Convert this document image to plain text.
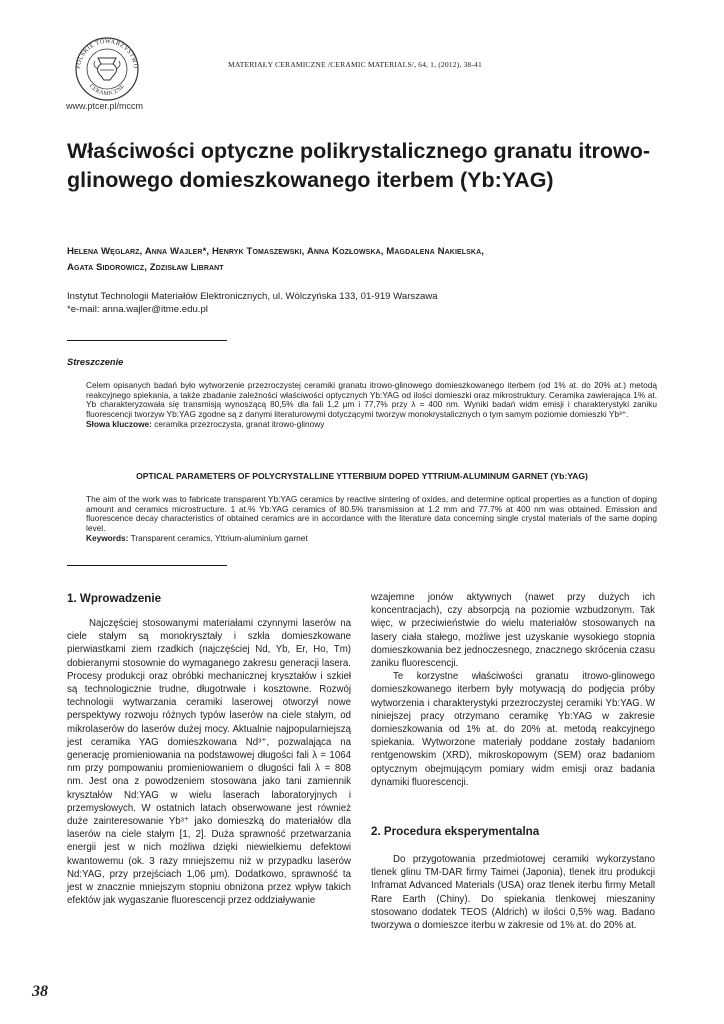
POLSKIE TOWARZYSTWO
CERAMICZNE
MATERIAŁY CERAMICZNE /CERAMIC MATERIALS/, 64, 1, (2012), 38-41
www.ptcer.pl/mccm
Właściwości optyczne polikrystalicznego granatu itrowo-glinowego domieszkowanego iterbem (Yb:YAG)
Helena Węglarz, Anna Wajler*, Henryk Tomaszewski, Anna Kozłowska, Magdalena Nakielska,
Agata Sidorowicz, Zdzisław Librant
Instytut Technologii Materiałów Elektronicznych, ul. Wólczyńska 133, 01-919 Warszawa
*e-mail: anna.wajler@itme.edu.pl
Streszczenie
Celem opisanych badań było wytworzenie przezroczystej ceramiki granatu itrowo-glinowego domieszkowanego iterbem (od 1% at. do 20% at.) metodą reakcyjnego spiekania, a także zbadanie zależności właściwości optycznych Yb:YAG od ilości domieszki oraz mikrostruktury. Ceramika zawierająca 1% at. Yb charakteryzowała się transmisją wynoszącą 80,5% dla fali 1,2 μm i 77,7% przy λ = 400 nm. Wyniki badań widm emisji i charakterystyki zaniku fluorescencji tworzyw Yb:YAG zgodne są z danymi literaturowymi dotyczącymi tworzyw monokrystalicznych o tym samym poziomie domieszki Yb³⁺.
Słowa kluczowe: ceramika przezroczysta, granat itrowo-glinowy
OPTICAL PARAMETERS OF POLYCRYSTALLINE YTTERBIUM DOPED YTTRIUM-ALUMINUM GARNET (Yb:YAG)
The aim of the work was to fabricate transparent Yb:YAG ceramics by reactive sintering of oxides, and determine optical properties as a function of doping amount and ceramics microstructure. 1 at.% Yb:YAG ceramics of 80.5% transmission at 1.2 mm and 77.7% at 400 nm was obtained. Emission and fluorescence decay characteristics of obtained ceramics are in accordance with the literature data concerning single crystal materials of the same doping level.
Keywords: Transparent ceramics, Yttrium-aluminium garnet
1. Wprowadzenie

Najczęściej stosowanymi materiałami czynnymi laserów na ciele stałym są monokryształy i szkła domieszkowane pierwiastkami ziem rzadkich (najczęściej Nd, Yb, Er, Ho, Tm) dobieranymi stosownie do wymaganego zakresu generacji lasera. Procesy produkcji oraz obróbki mechanicznej kryształów i szkieł są technologicznie trudne, długotrwałe i kosztowne. Rozwój technologii wytwarzania ceramiki laserowej otworzył nowe perspektywy rozwoju różnych typów laserów na ciele stałym, od mikrolaserów do laserów dużej mocy. Aktualnie najpopularniejszą jest ceramika YAG domieszkowana Nd³⁺, pozwalająca na generację promieniowania na podstawowej długości fali λ = 1064 nm przy pompowaniu promieniowaniem o długości fali λ = 808 nm. Jest ona z powodzeniem stosowana jako tani zamiennik kryształów Nd:YAG w wielu laserach laboratoryjnych i przemysłowych. W ostatnich latach obserwowane jest również duże zainteresowanie Yb³⁺ jako domieszką do materiałów dla laserów na ciele stałym [1, 2]. Duża sprawność przetwarzania energii jest w nich możliwa dzięki niewielkiemu defektowi kwantowemu (ok. 3 razy mniejszemu niż w przypadku laserów Nd:YAG, przy przejściach 1,06 μm). Dodatkowo, sprawność ta jest w znacznie mniejszym stopniu obniżona przez wpływ takich efektów jak wygaszanie fluorescencji przez oddziaływanie

wzajemne jonów aktywnych (nawet przy dużych ich koncentracjach), czy absorpcją na poziomie wzbudzonym. Tak więc, w przeciwieństwie do wielu materiałów stosowanych na lasery ciała stałego, możliwe jest uzyskanie wysokiego stopnia domieszkowania bez jednoczesnego, znacznego skrócenia czasu zaniku fluorescencji.

Te korzystne właściwości granatu itrowo-glinowego domieszkowanego iterbem były motywacją do podjęcia próby wytworzenia i charakterystyki przezroczystej ceramiki Yb:YAG. W niniejszej pracy otrzymano ceramikę Yb:YAG w zakresie domieszkowania od 1% at. do 20% at. metodą reakcyjnego spiekania. Wytworzone materiały poddane zostały badaniom rentgenowskim (XRD), mikroskopowym (SEM) oraz badaniom optycznym obejmującym pomiary widm emisji oraz badania dynamiki fluorescencji.

2. Procedura eksperymentalna

Do przygotowania przedmiotowej ceramiki wykorzystano tlenek glinu TM-DAR firmy Taimei (Japonia), tlenek itru produkcji Inframat Advanced Materials (USA) oraz tlenek iterbu firmy Metall Rare Earth (Chiny). Do spiekania tlenkowej mieszaniny stosowano dodatek TEOS (Aldrich) w ilości 0,5% wag. Badano tworzywa o domieszce iterbu w zakresie od 1% at. do 20% at.

38
